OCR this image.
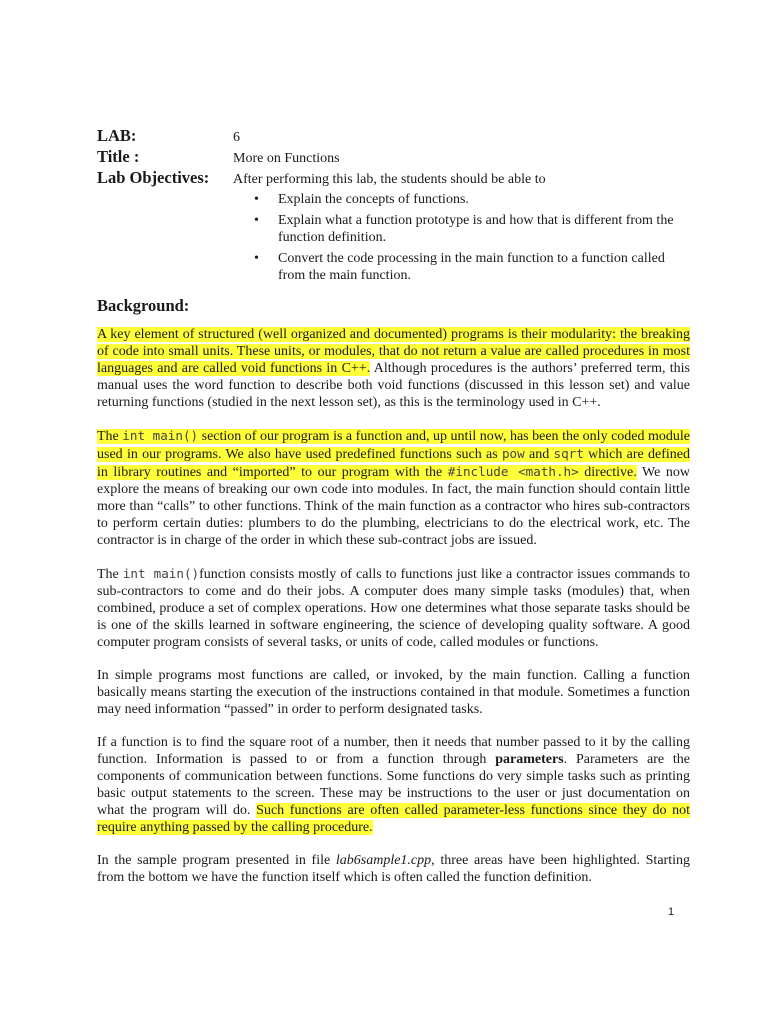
LAB:	6
Title :	More on Functions
Lab Objectives:	After performing this lab, the students should be able to
• Explain the concepts of functions.
• Explain what a function prototype is and how that is different from the function definition.
• Convert the code processing in the main function to a function called from the main function.
Background:

A key element of structured (well organized and documented) programs is their modularity: the breaking of code into small units. These units, or modules, that do not return a value are called procedures in most languages and are called void functions in C++. Although procedures is the authors’ preferred term, this manual uses the word function to describe both void functions (discussed in this lesson set) and value returning functions (studied in the next lesson set), as this is the terminology used in C++.

The int main() section of our program is a function and, up until now, has been the only coded module used in our programs. We also have used predefined functions such as pow and sqrt which are defined in library routines and “imported” to our program with the #include <math.h> directive. We now explore the means of breaking our own code into modules. In fact, the main function should contain little more than “calls” to other functions. Think of the main function as a contractor who hires sub-contractors to perform certain duties: plumbers to do the plumbing, electricians to do the electrical work, etc. The contractor is in charge of the order in which these sub-contract jobs are issued.

The int main()function consists mostly of calls to functions just like a contractor issues commands to sub-contractors to come and do their jobs. A computer does many simple tasks (modules) that, when combined, produce a set of complex operations. How one determines what those separate tasks should be is one of the skills learned in software engineering, the science of developing quality software. A good computer program consists of several tasks, or units of code, called modules or functions.

In simple programs most functions are called, or invoked, by the main function. Calling a function basically means starting the execution of the instructions contained in that module. Sometimes a function may need information “passed” in order to perform designated tasks.

If a function is to find the square root of a number, then it needs that number passed to it by the calling function. Information is passed to or from a function through parameters. Parameters are the components of communication between functions. Some functions do very simple tasks such as printing basic output statements to the screen. These may be instructions to the user or just documentation on what the program will do. Such functions are often called parameter-less functions since they do not require anything passed by the calling procedure.

In the sample program presented in file lab6sample1.cpp, three areas have been highlighted. Starting from the bottom we have the function itself which is often called the function definition.

1
